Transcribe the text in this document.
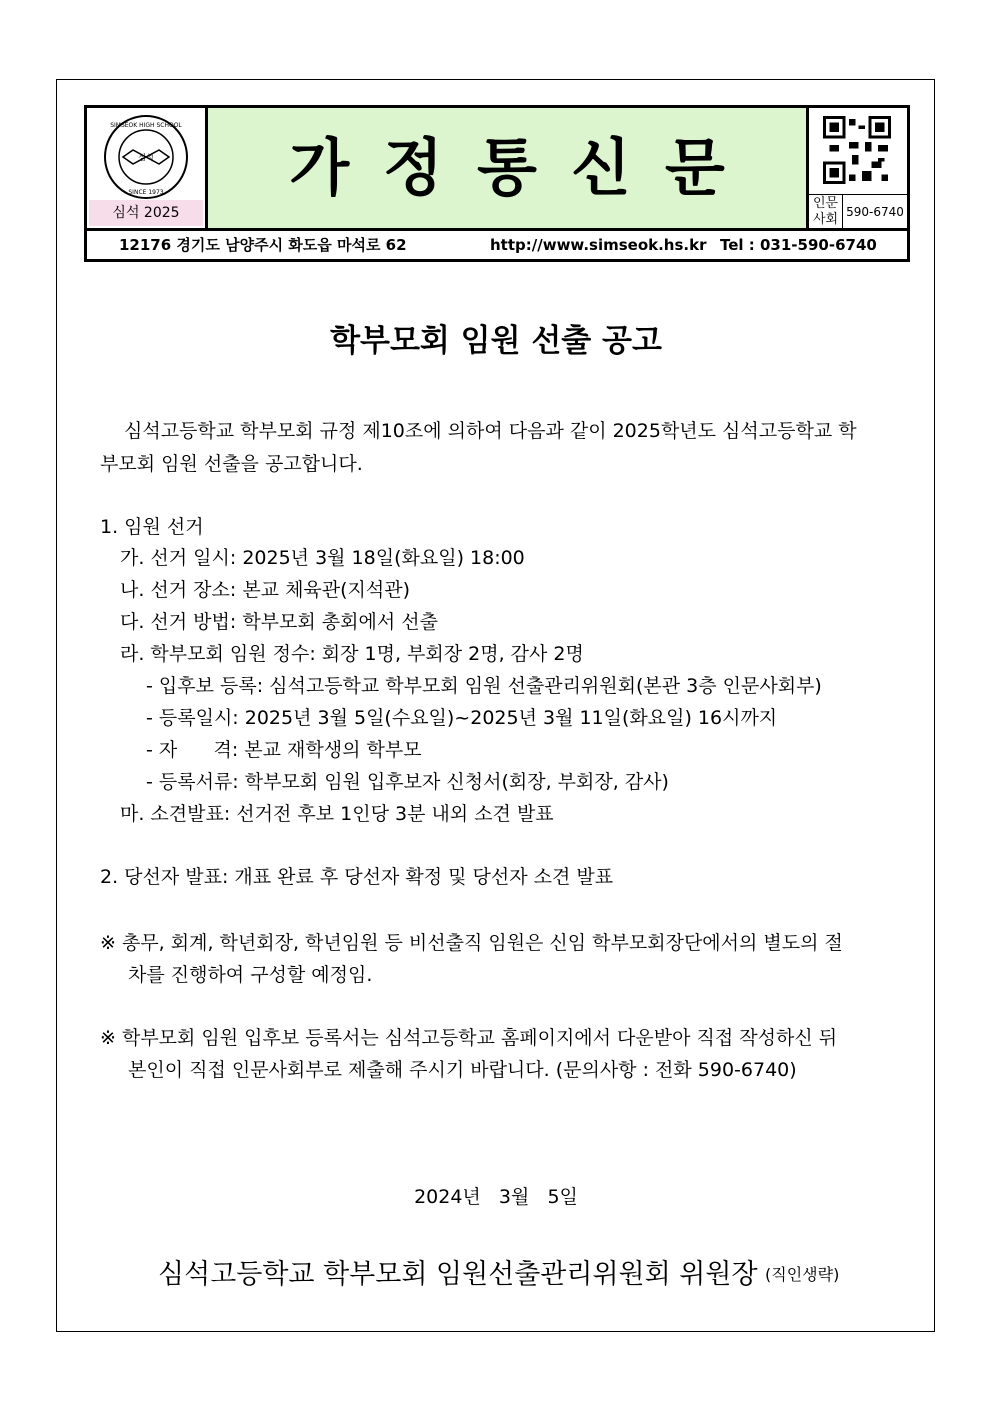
심석
SIMSEOK HIGH SCHOOL
SINCE 1973
심석 2025
가정통신문	인문
사회 590-6740
12176 경기도 남양주시 화도읍 마석로 62	http://www.simseok.hs.kr Tel : 031-590-6740
학부모회 임원 선출 공고
심석고등학교 학부모회 규정 제10조에 의하여 다음과 같이 2025학년도 심석고등학교 학
부모회 임원 선출을 공고합니다.
1. 임원 선거
가. 선거 일시: 2025년 3월 18일(화요일) 18:00
나. 선거 장소: 본교 체육관(지석관)
다. 선거 방법: 학부모회 총회에서 선출
라. 학부모회 임원 정수: 회장 1명, 부회장 2명, 감사 2명
- 입후보 등록: 심석고등학교 학부모회 임원 선출관리위원회(본관 3층 인문사회부)
- 등록일시: 2025년 3월 5일(수요일)~2025년 3월 11일(화요일) 16시까지
- 자      격: 본교 재학생의 학부모
- 등록서류: 학부모회 임원 입후보자 신청서(회장, 부회장, 감사)
마. 소견발표: 선거전 후보 1인당 3분 내외 소견 발표
2. 당선자 발표: 개표 완료 후 당선자 확정 및 당선자 소견 발표
※ 총무, 회계, 학년회장, 학년임원 등 비선출직 임원은 신임 학부모회장단에서의 별도의 절
차를 진행하여 구성할 예정임.
※ 학부모회 임원 입후보 등록서는 심석고등학교 홈페이지에서 다운받아 직접 작성하신 뒤
본인이 직접 인문사회부로 제출해 주시기 바랍니다. (문의사항 : 전화 590-6740)
2024년   3월   5일
심석고등학교 학부모회 임원선출관리위원회 위원장 (직인생략)
